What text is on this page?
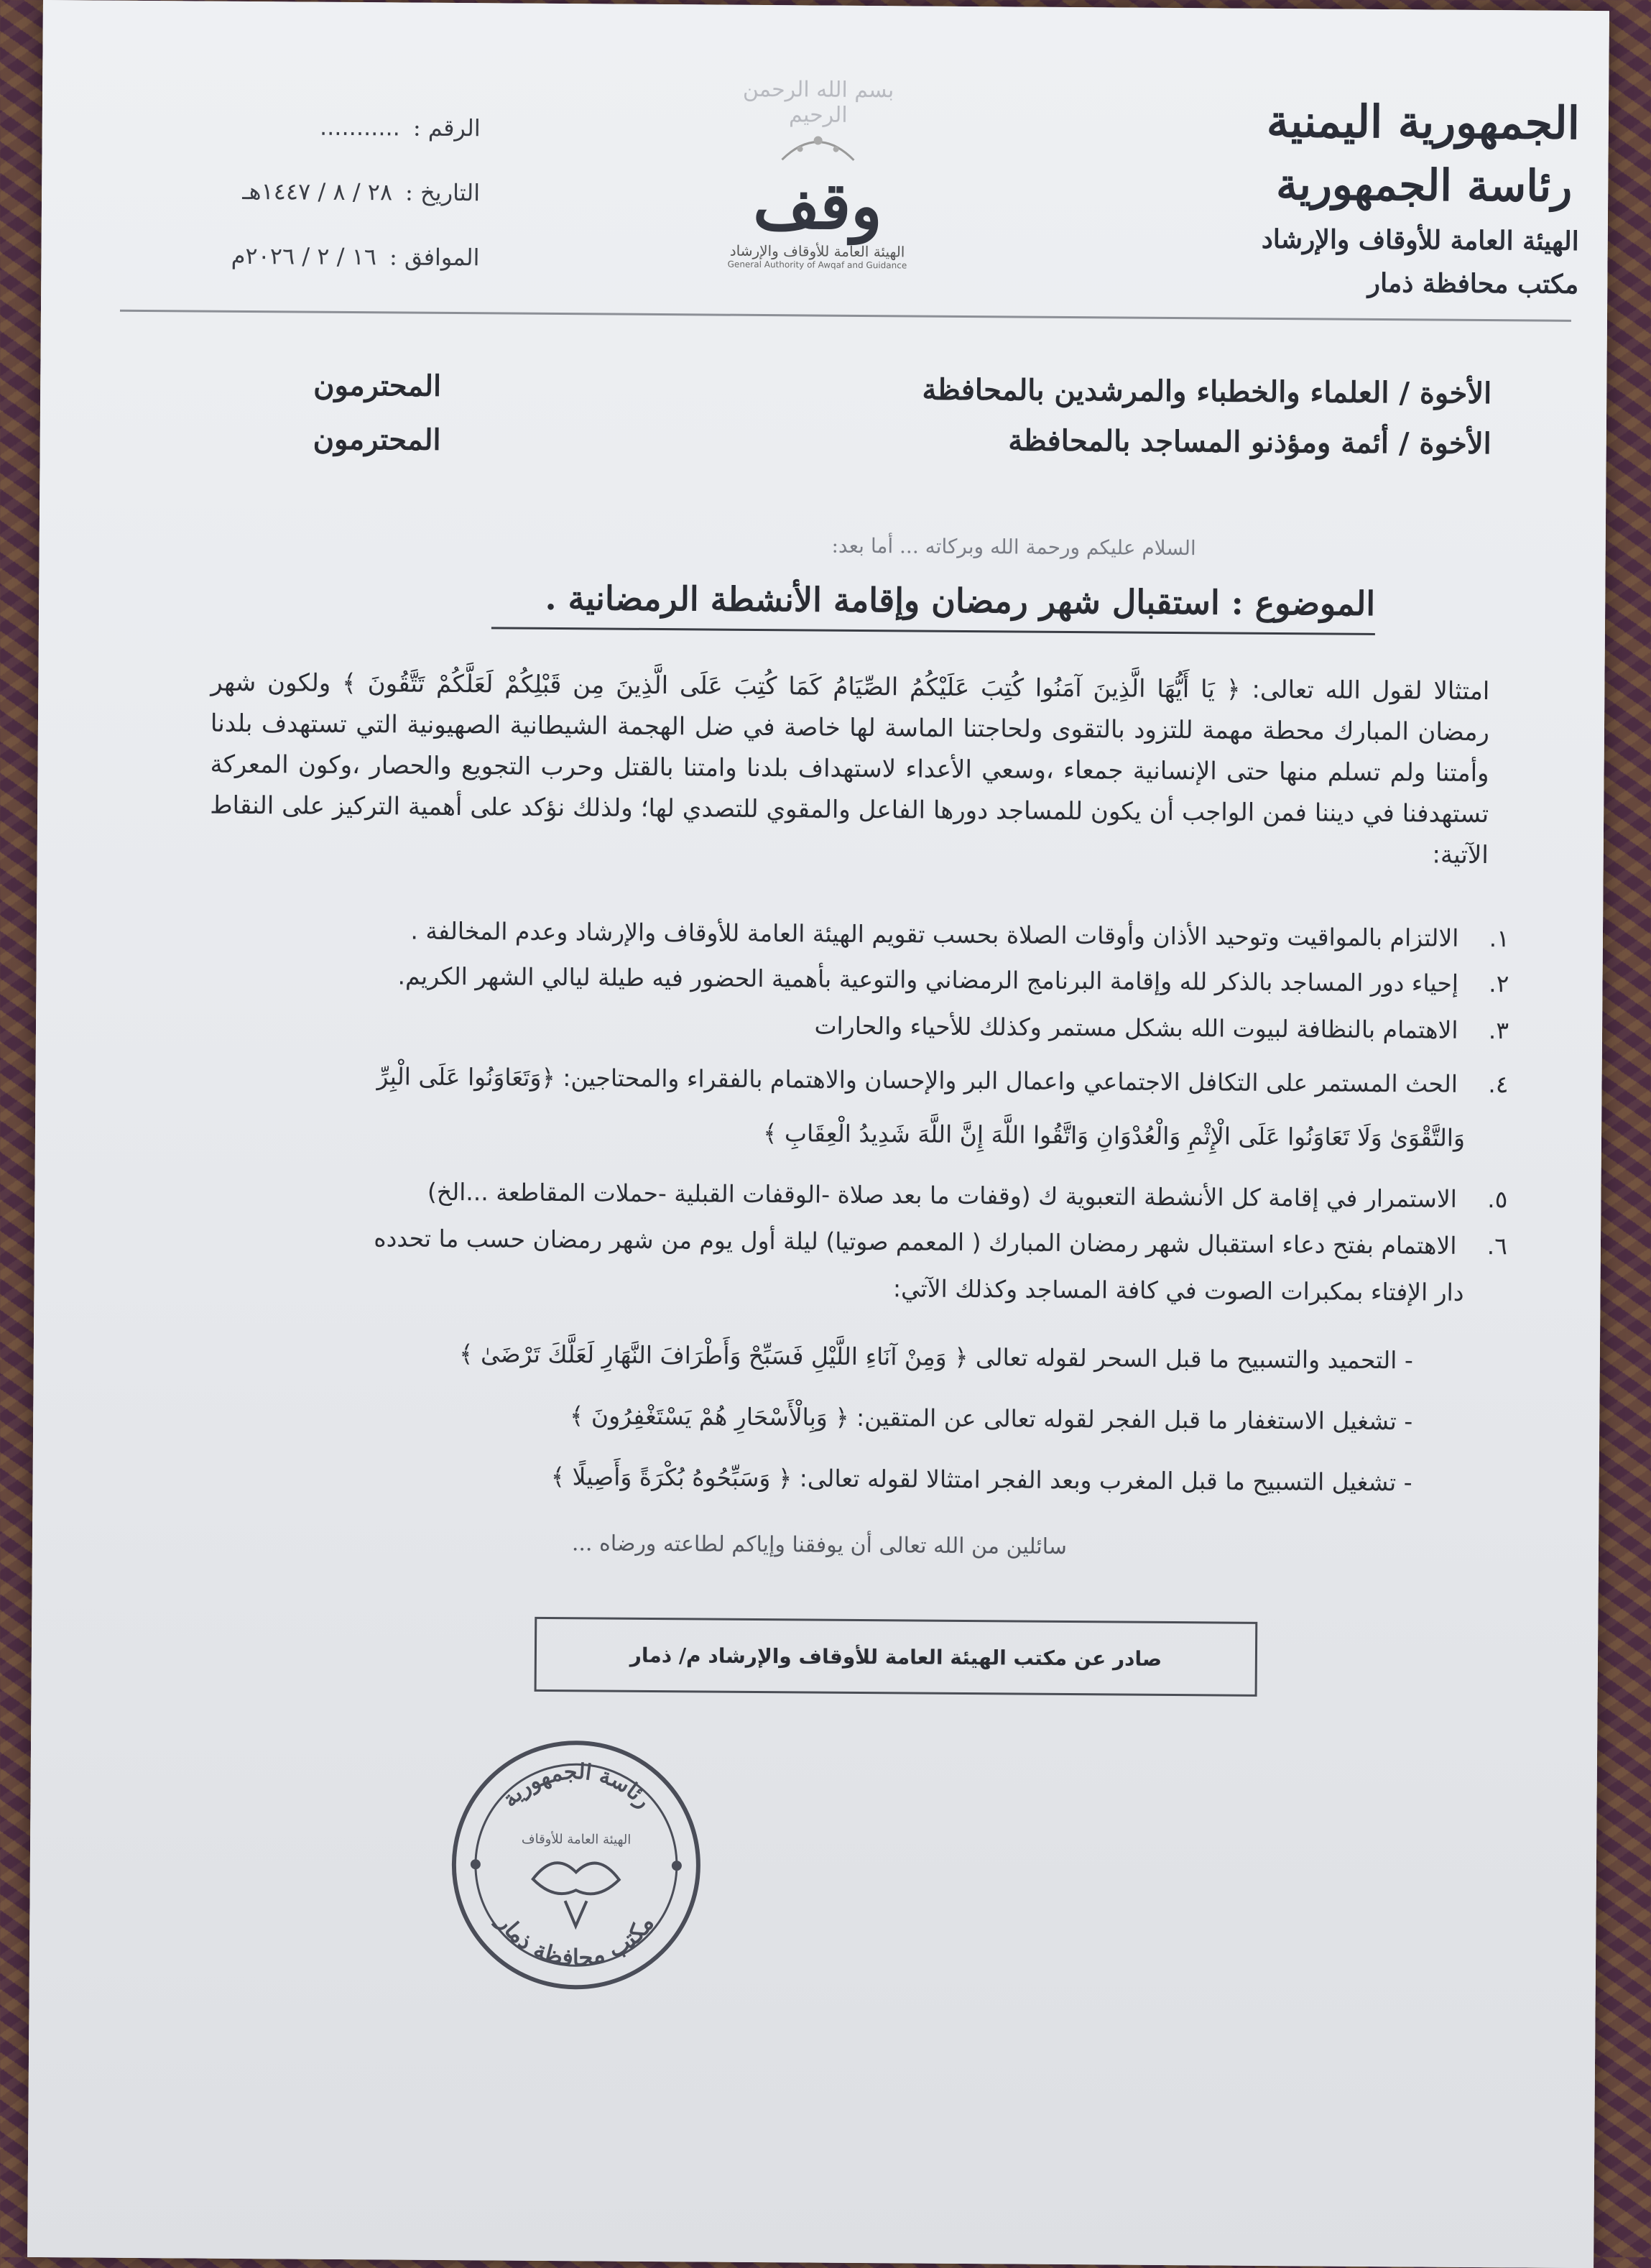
الجمهورية اليمنية
رئاسة الجمهورية
الهيئة العامة للأوقاف والإرشاد
مكتب محافظة ذمار
بسم الله الرحمن الرحيم
وقف
الهيئة العامة للأوقاف والإرشاد
General Authority of Awqaf and Guidance
الرقم :
...........
التاريخ :
٢٨ / ٨ / ١٤٤٧هـ
الموافق :
١٦ / ٢ / ٢٠٢٦م
الأخوة / العلماء والخطباء والمرشدين بالمحافظة
المحترمون
الأخوة / أئمة ومؤذنو المساجد بالمحافظة
المحترمون
السلام عليكم ورحمة الله وبركاته ... أما بعد:
الموضوع : استقبال شهر رمضان وإقامة الأنشطة الرمضانية .
امتثالا لقول الله تعالى: ﴿ يَا أَيُّهَا الَّذِينَ آمَنُوا كُتِبَ عَلَيْكُمُ الصِّيَامُ كَمَا كُتِبَ عَلَى الَّذِينَ مِن قَبْلِكُمْ لَعَلَّكُمْ تَتَّقُونَ ﴾ ولكون شهر رمضان المبارك محطة مهمة للتزود بالتقوى ولحاجتنا الماسة لها خاصة في ضل الهجمة الشيطانية الصهيونية التي تستهدف بلدنا وأمتنا ولم تسلم منها حتى الإنسانية جمعاء ،وسعي الأعداء لاستهداف بلدنا وامتنا بالقتل وحرب التجويع والحصار ،وكون المعركة تستهدفنا في ديننا فمن الواجب أن يكون للمساجد دورها الفاعل والمقوي للتصدي لها؛ ولذلك نؤكد على أهمية التركيز على النقاط الآتية:
١. الالتزام بالمواقيت وتوحيد الأذان وأوقات الصلاة بحسب تقويم الهيئة العامة للأوقاف والإرشاد وعدم المخالفة .
٢. إحياء دور المساجد بالذكر لله وإقامة البرنامج الرمضاني والتوعية بأهمية الحضور فيه طيلة ليالي الشهر الكريم.
٣. الاهتمام بالنظافة لبيوت الله بشكل مستمر وكذلك للأحياء والحارات
٤. الحث المستمر على التكافل الاجتماعي واعمال البر والإحسان والاهتمام بالفقراء والمحتاجين: ﴿وَتَعَاوَنُوا عَلَى الْبِرِّ
وَالتَّقْوَىٰ وَلَا تَعَاوَنُوا عَلَى الْإِثْمِ وَالْعُدْوَانِ وَاتَّقُوا اللَّهَ إِنَّ اللَّهَ شَدِيدُ الْعِقَابِ ﴾
٥. الاستمرار في إقامة كل الأنشطة التعبوية ك (وقفات ما بعد صلاة -الوقفات القبلية -حملات المقاطعة ...الخ)
٦. الاهتمام بفتح دعاء استقبال شهر رمضان المبارك ( المعمم صوتيا) ليلة أول يوم من شهر رمضان حسب ما تحدده
دار الإفتاء بمكبرات الصوت في كافة المساجد وكذلك الآتي:
- التحميد والتسبيح ما قبل السحر لقوله تعالى ﴿ وَمِنْ آنَاءِ اللَّيْلِ فَسَبِّحْ وَأَطْرَافَ النَّهَارِ لَعَلَّكَ تَرْضَىٰ ﴾
- تشغيل الاستغفار ما قبل الفجر لقوله تعالى عن المتقين: ﴿ وَبِالْأَسْحَارِ هُمْ يَسْتَغْفِرُونَ ﴾
- تشغيل التسبيح ما قبل المغرب وبعد الفجر امتثالا لقوله تعالى: ﴿ وَسَبِّحُوهُ بُكْرَةً وَأَصِيلًا ﴾
سائلين من الله تعالى أن يوفقنا وإياكم لطاعته ورضاه ...
صادر عن مكتب الهيئة العامة للأوقاف والإرشاد م/ ذمار
رئاسة الجمهورية
مكتب محافظة ذمار
الهيئة العامة للأوقاف
